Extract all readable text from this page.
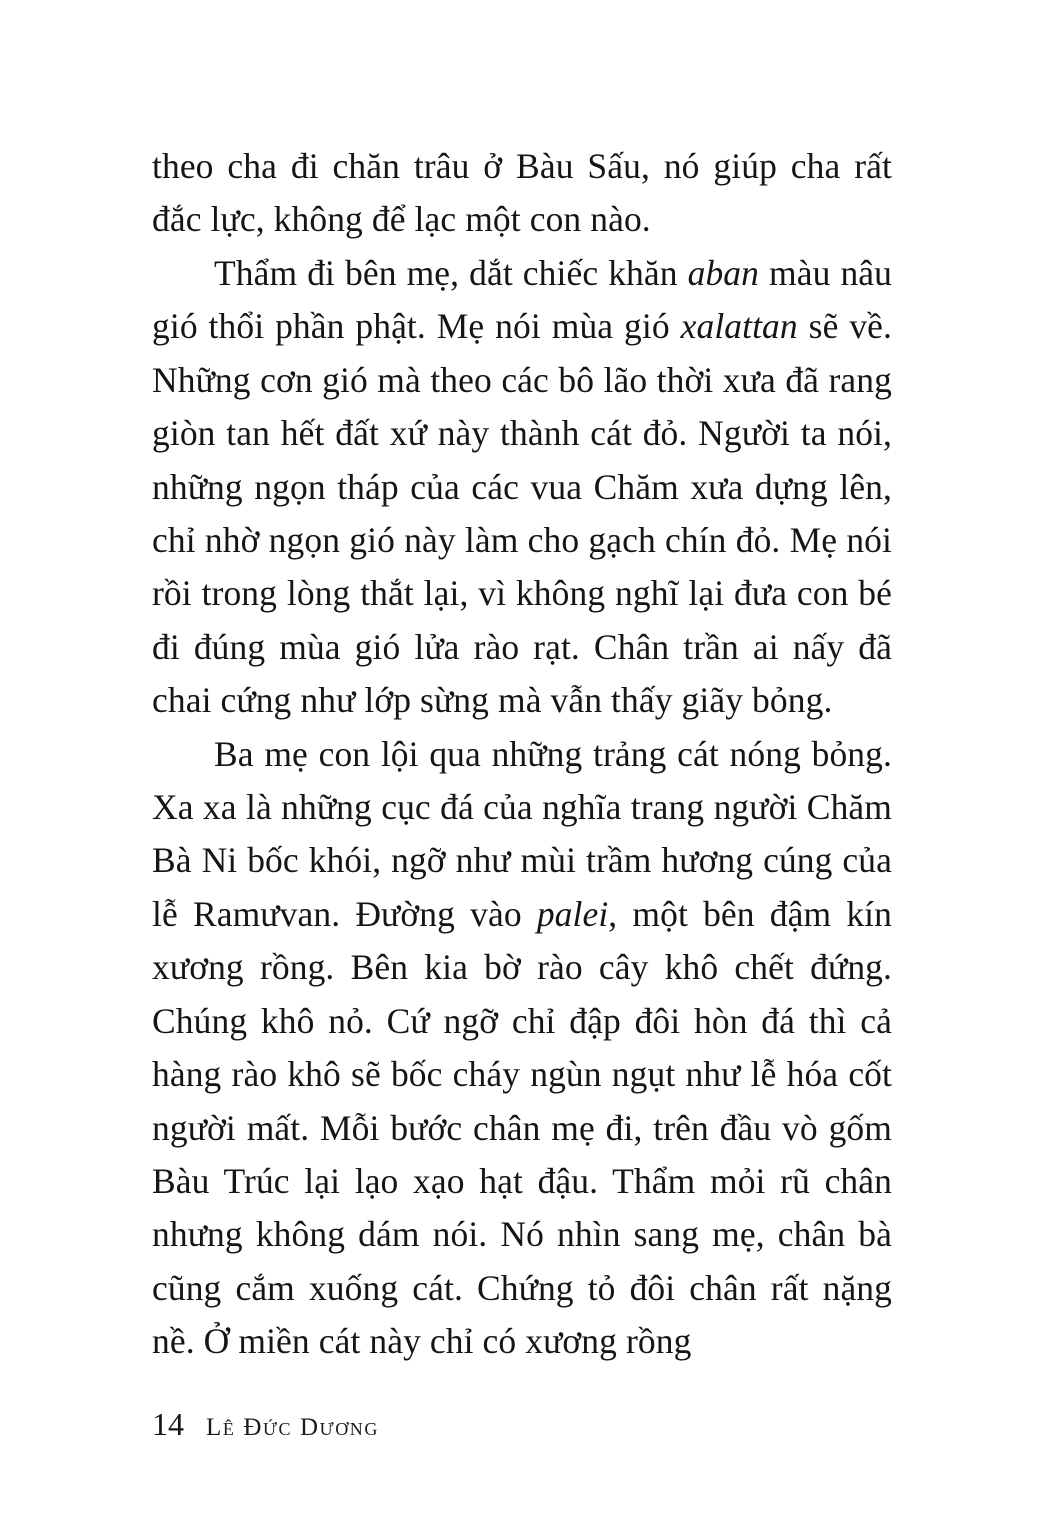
theo cha đi chăn trâu ở Bàu Sấu, nó giúp cha rất đắc lực, không để lạc một con nào.

Thẩm đi bên mẹ, dắt chiếc khăn aban màu nâu gió thổi phần phật. Mẹ nói mùa gió xalattan sẽ về. Những cơn gió mà theo các bô lão thời xưa đã rang giòn tan hết đất xứ này thành cát đỏ. Người ta nói, những ngọn tháp của các vua Chăm xưa dựng lên, chỉ nhờ ngọn gió này làm cho gạch chín đỏ. Mẹ nói rồi trong lòng thắt lại, vì không nghĩ lại đưa con bé đi đúng mùa gió lửa rào rạt. Chân trần ai nấy đã chai cứng như lớp sừng mà vẫn thấy giãy bỏng.

Ba mẹ con lội qua những trảng cát nóng bỏng. Xa xa là những cục đá của nghĩa trang người Chăm Bà Ni bốc khói, ngỡ như mùi trầm hương cúng của lễ Ramưvan. Đường vào palei, một bên đậm kín xương rồng. Bên kia bờ rào cây khô chết đứng. Chúng khô nỏ. Cứ ngỡ chỉ đập đôi hòn đá thì cả hàng rào khô sẽ bốc cháy ngùn ngụt như lễ hóa cốt người mất. Mỗi bước chân mẹ đi, trên đầu vò gốm Bàu Trúc lại lạo xạo hạt đậu. Thẩm mỏi rũ chân nhưng không dám nói. Nó nhìn sang mẹ, chân bà cũng cắm xuống cát. Chứng tỏ đôi chân rất nặng nề. Ở miền cát này chỉ có xương rồng

14 Lê Đức Dương
